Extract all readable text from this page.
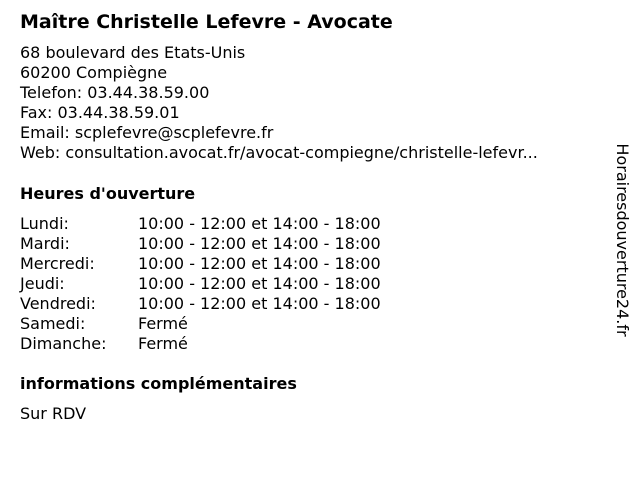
Maître Christelle Lefevre - Avocate
68 boulevard des Etats-Unis
60200 Compiègne
Telefon: 03.44.38.59.00
Fax: 03.44.38.59.01
Email: scplefevre@scplefevre.fr
Web: consultation.avocat.fr/avocat-compiegne/christelle-lefevr...
Heures d'ouverture
Lundi:	10:00 - 12:00 et 14:00 - 18:00
Mardi:	10:00 - 12:00 et 14:00 - 18:00
Mercredi:	10:00 - 12:00 et 14:00 - 18:00
Jeudi:	10:00 - 12:00 et 14:00 - 18:00
Vendredi:	10:00 - 12:00 et 14:00 - 18:00
Samedi:	Fermé
Dimanche:	Fermé
informations complémentaires
Sur RDV
Horairesdouverture24.fr
